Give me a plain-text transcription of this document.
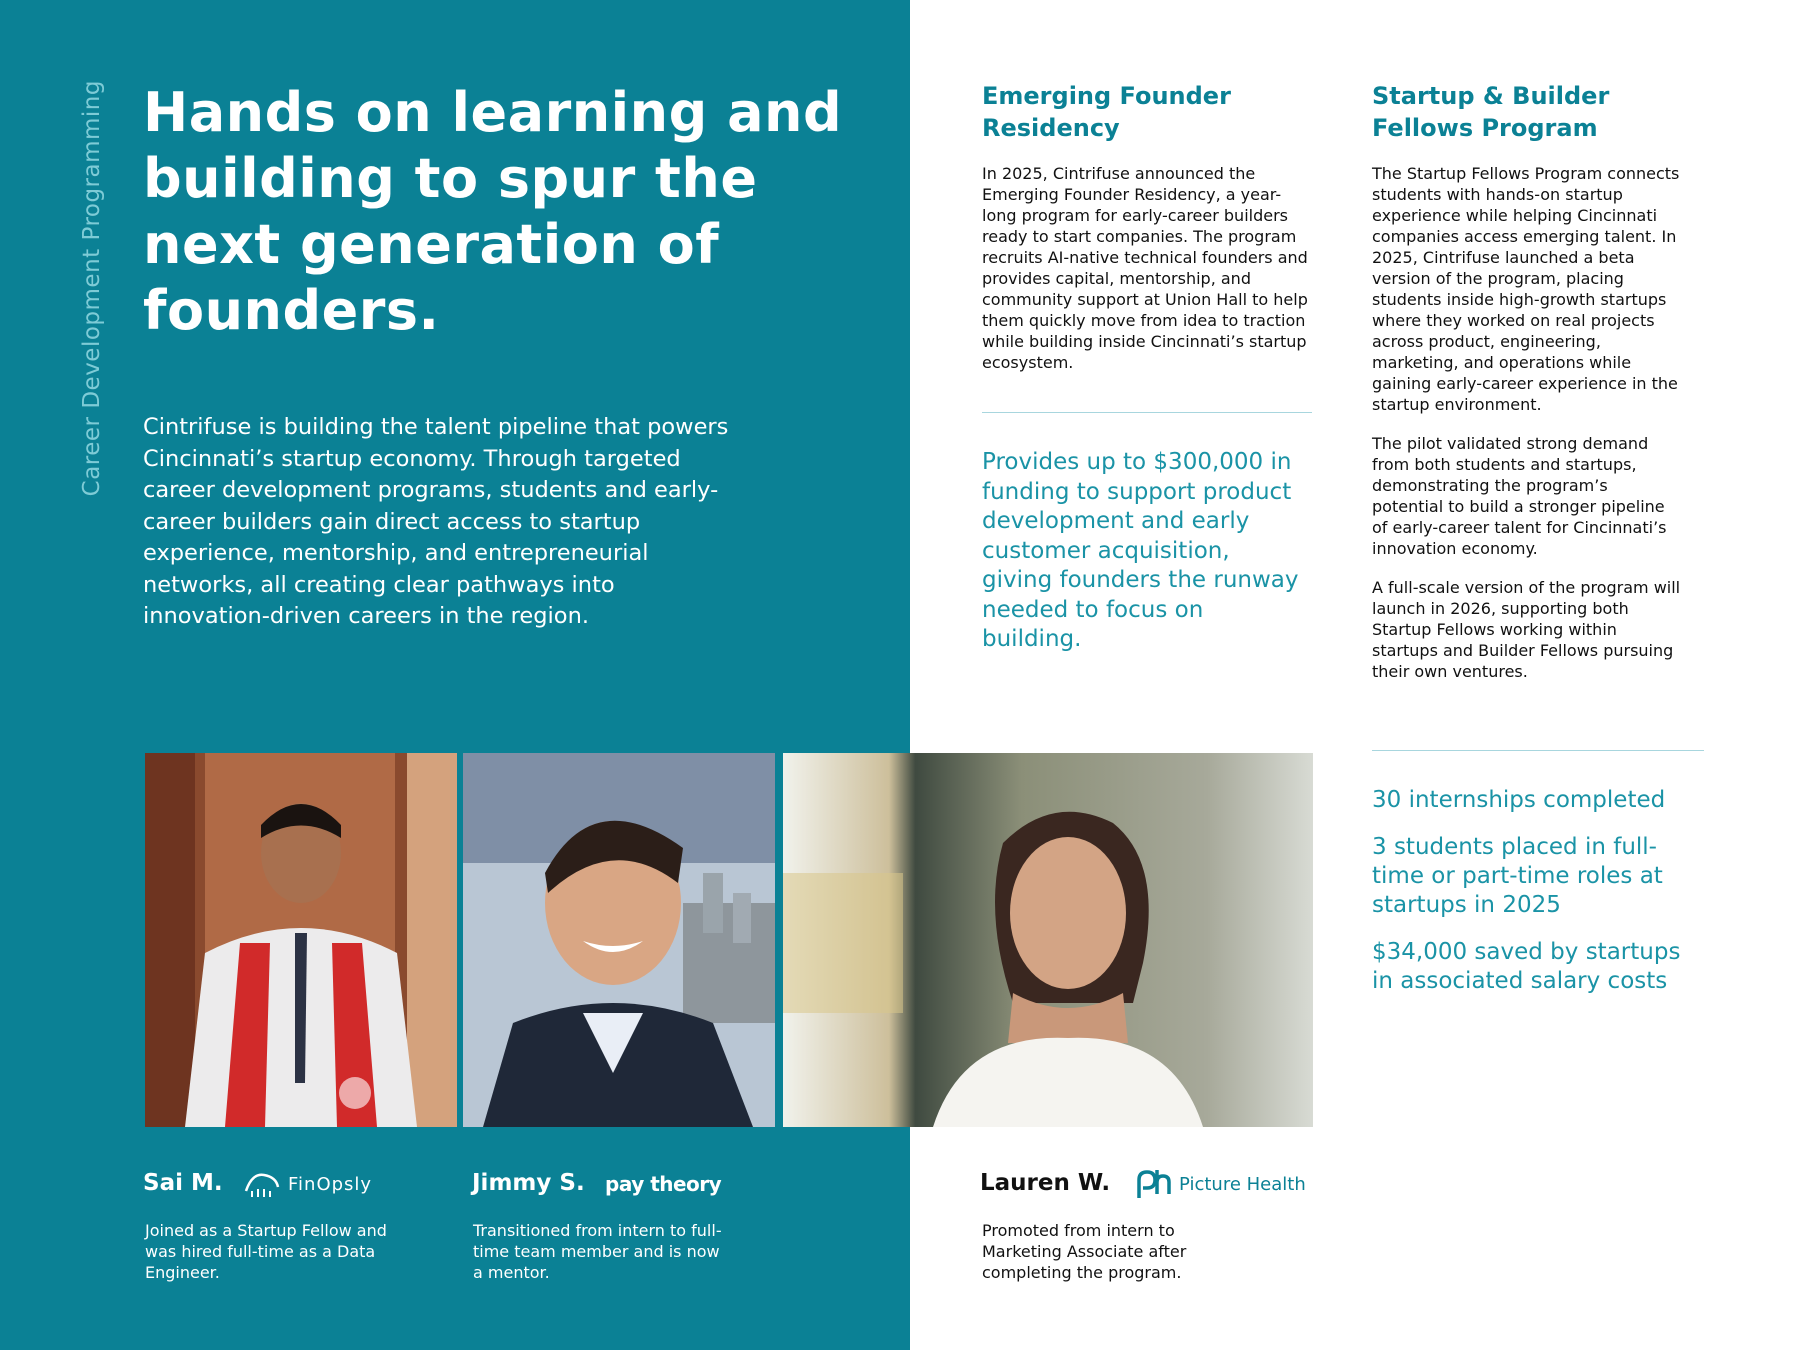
Career Development Programming Hands on learning and building to spur the next generation of founders.

Cintrifuse is building the talent pipeline that powers Cincinnati’s startup economy. Through targeted career development programs, students and early-career builders gain direct access to startup experience, mentorship, and entrepreneurial networks, all creating clear pathways into innovation-driven careers in the region.

Emerging Founder Residency

In 2025, Cintrifuse announced the Emerging Founder Residency, a year-long program for early-career builders ready to start companies. The program recruits AI-native technical founders and provides capital, mentorship, and community support at Union Hall to help them quickly move from idea to traction while building inside Cincinnati’s startup ecosystem.

Provides up to $300,000 in funding to support product development and early customer acquisition, giving founders the runway needed to focus on building.

Startup & Builder Fellows Program

The Startup Fellows Program connects students with hands-on startup experience while helping Cincinnati companies access emerging talent. In 2025, Cintrifuse launched a beta version of the program, placing students inside high-growth startups where they worked on real projects across product, engineering, marketing, and operations while gaining early-career experience in the startup environment.

The pilot validated strong demand from both students and startups, demonstrating the program’s potential to build a stronger pipeline of early-career talent for Cincinnati’s innovation economy.

A full-scale version of the program will launch in 2026, supporting both Startup Fellows working within startups and Builder Fellows pursuing their own ventures.

30 internships completed

3 students placed in full-time or part-time roles at startups in 2025

$34,000 saved by startups in associated salary costs

Sai M.	FinOpsly
Joined as a Startup Fellow and was hired full-time as a Data Engineer.
Jimmy S. pay theory
Transitioned from intern to full-time team member and is now a mentor.
Lauren W.	Picture Health
Promoted from intern to Marketing Associate after completing the program.
